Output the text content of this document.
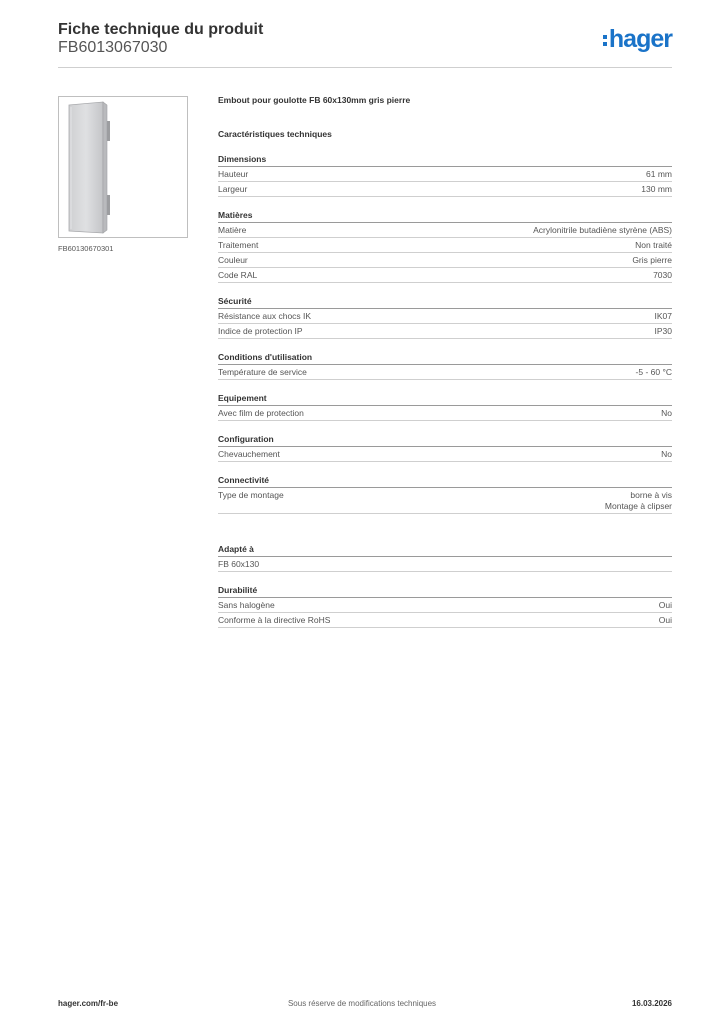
Fiche technique du produit
FB6013067030	hager
FB60130670301
Embout pour goulotte FB 60x130mm gris pierre
Caractéristiques techniques
Dimensions
Hauteur	61 mm
Largeur	130 mm
Matières
Matière	Acrylonitrile butadiène styrène (ABS)
Traitement	Non traité
Couleur	Gris pierre
Code RAL	7030
Sécurité
Résistance aux chocs IK	IK07
Indice de protection IP	IP30
Conditions d'utilisation
Température de service	-5 - 60 °C
Equipement
Avec film de protection	No
Configuration
Chevauchement	No
Connectivité
Type de montage	borne à vis
Montage à clipser
Adapté à
FB 60x130
Durabilité
Sans halogène	Oui
Conforme à la directive RoHS	Oui
hager.com/fr-be	Sous réserve de modifications techniques	16.03.2026
